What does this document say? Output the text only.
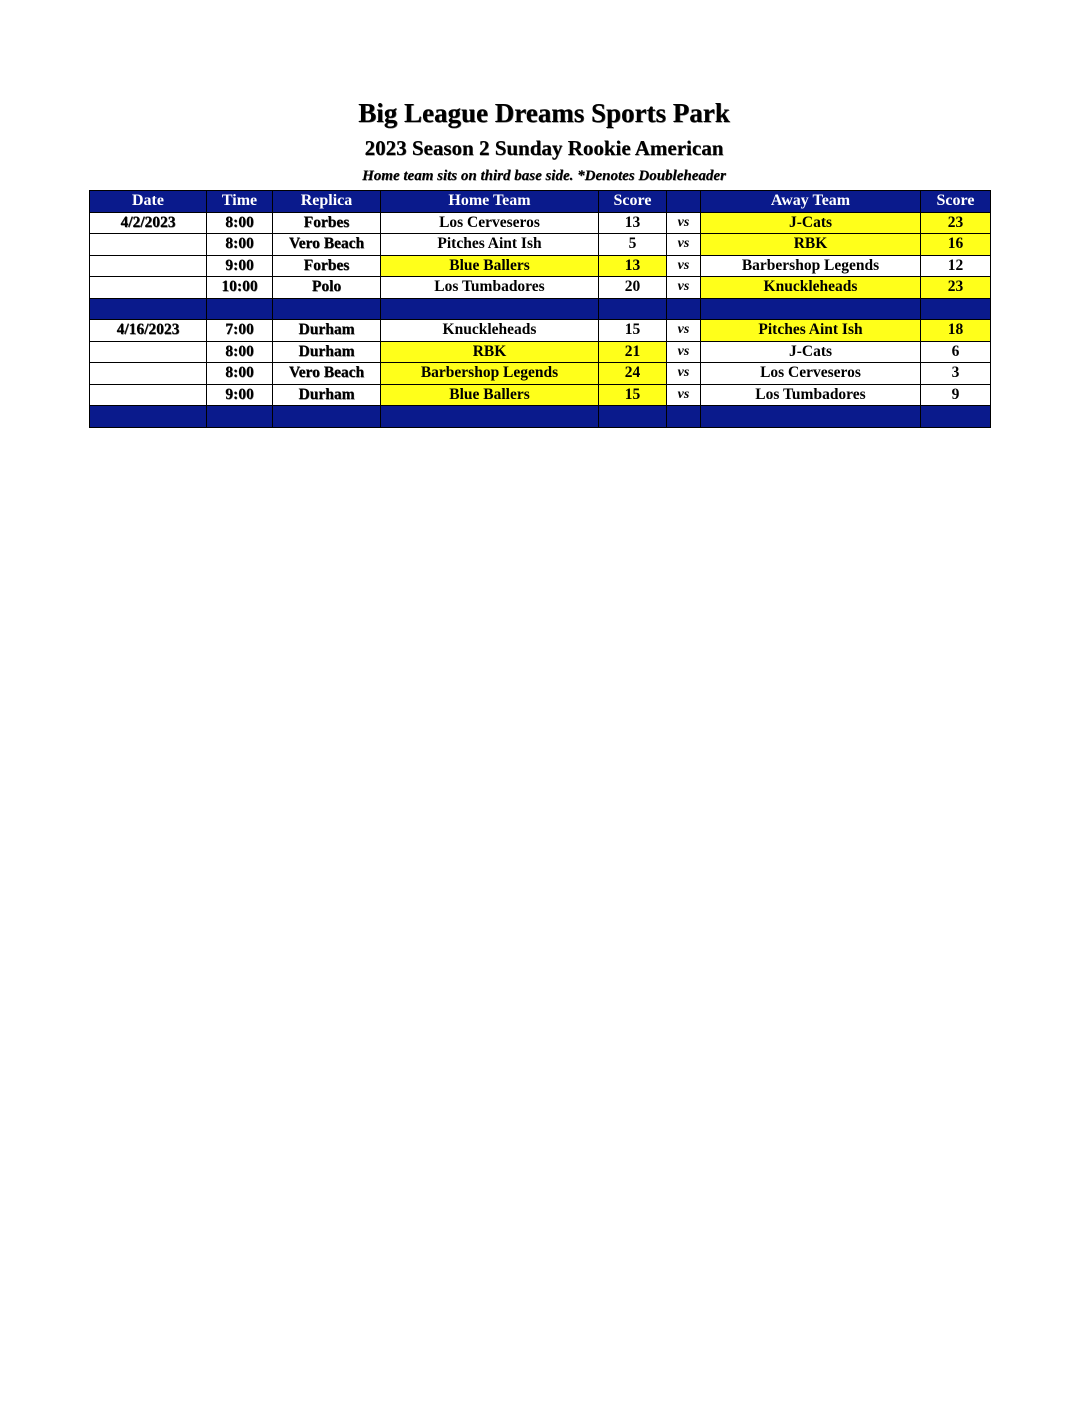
Big League Dreams Sports Park
2023 Season 2 Sunday Rookie American
Home team sits on third base side. *Denotes Doubleheader
Date	Time	Replica	Home Team	Score		Away Team	Score
4/2/2023	8:00	Forbes	Los Cerveseros	13	vs	J-Cats	23
	8:00	Vero Beach	Pitches Aint Ish	5	vs	RBK	16
	9:00	Forbes	Blue Ballers	13	vs	Barbershop Legends	12
	10:00	Polo	Los Tumbadores	20	vs	Knuckleheads	23

4/16/2023	7:00	Durham	Knuckleheads	15	vs	Pitches Aint Ish	18
	8:00	Durham	RBK	21	vs	J-Cats	6
	8:00	Vero Beach	Barbershop Legends	24	vs	Los Cerveseros	3
	9:00	Durham	Blue Ballers	15	vs	Los Tumbadores	9
